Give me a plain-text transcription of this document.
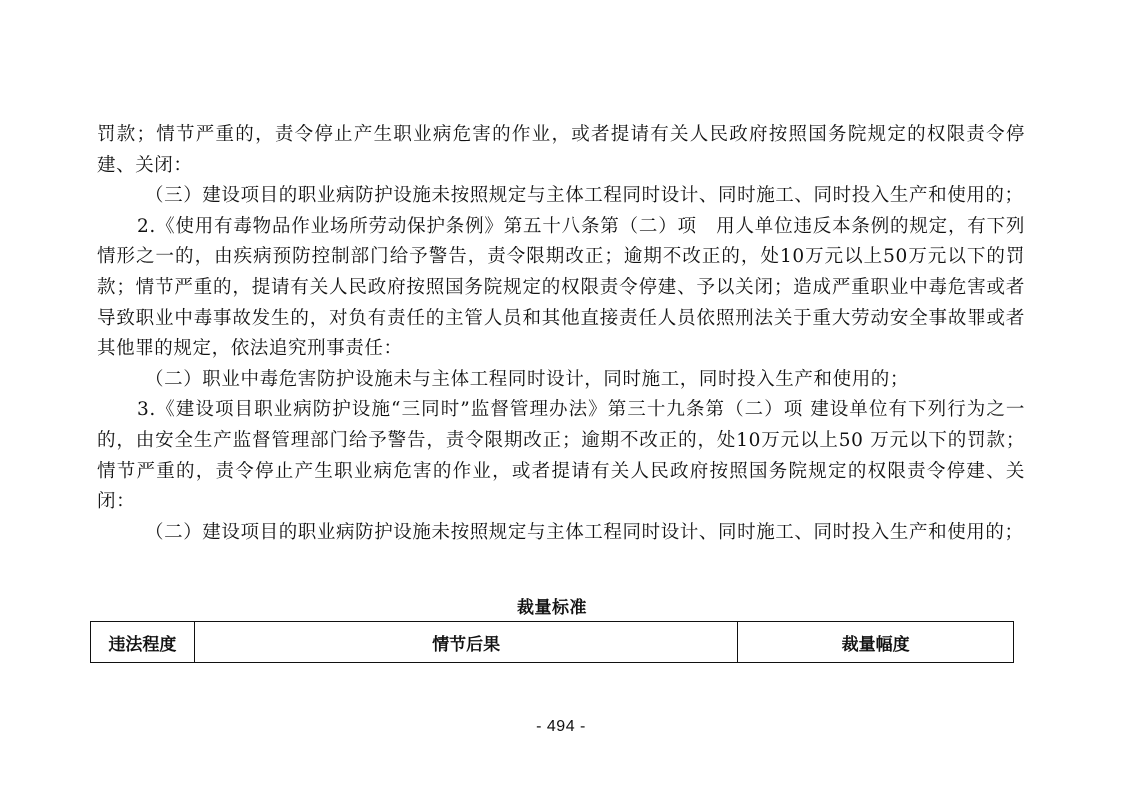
罚款；情节严重的，责令停止产生职业病危害的作业，或者提请有关人民政府按照国务院规定的权限责令停建、关闭：

（三）建设项目的职业病防护设施未按照规定与主体工程同时设计、同时施工、同时投入生产和使用的；

2.《使用有毒物品作业场所劳动保护条例》第五十八条第（二）项　用人单位违反本条例的规定，有下列情形之一的，由疾病预防控制部门给予警告，责令限期改正；逾期不改正的，处10万元以上50万元以下的罚款；情节严重的，提请有关人民政府按照国务院规定的权限责令停建、予以关闭；造成严重职业中毒危害或者导致职业中毒事故发生的，对负有责任的主管人员和其他直接责任人员依照刑法关于重大劳动安全事故罪或者其他罪的规定，依法追究刑事责任：

（二）职业中毒危害防护设施未与主体工程同时设计，同时施工，同时投入生产和使用的；

3.《建设项目职业病防护设施“三同时”监督管理办法》第三十九条第（二）项 建设单位有下列行为之一的，由安全生产监督管理部门给予警告，责令限期改正；逾期不改正的，处10万元以上50 万元以下的罚款；情节严重的，责令停止产生职业病危害的作业，或者提请有关人民政府按照国务院规定的权限责令停建、关闭：

（二）建设项目的职业病防护设施未按照规定与主体工程同时设计、同时施工、同时投入生产和使用的；

裁量标准
违法程度	情节后果	裁量幅度
- 494 -
